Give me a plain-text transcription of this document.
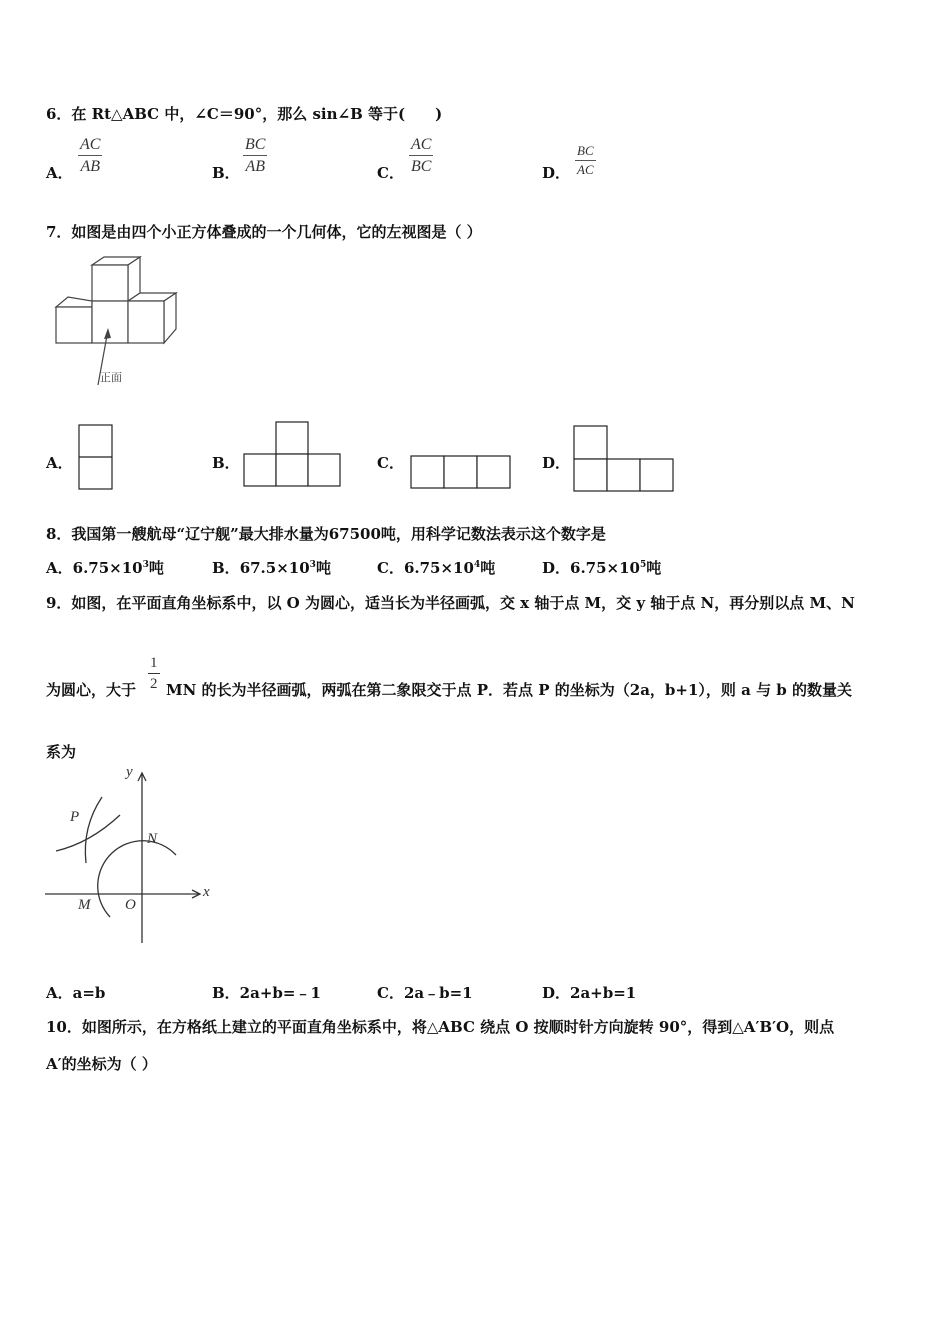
6．在 Rt△ABC 中，∠C＝90°，那么 sin∠B 等于(　　)
A． $\frac{AC}{AB}$	B． $\frac{BC}{AB}$	C． $\frac{AC}{BC}$	D． $\frac{BC}{AC}$
7．如图是由四个小正方体叠成的一个几何体，它的左视图是（ ）
正面
A．	B．	C．	D．
8．我国第一艘航母“辽宁舰”最大排水量为67500吨，用科学记数法表示这个数字是
A．$6.75\times 10^3$吨	B．$67.5\times 10^3$吨	C．$6.75\times 10^4$吨	D．$6.75\times 10^5$吨
9．如图，在平面直角坐标系中，以 O 为圆心，适当长为半径画弧，交 x 轴于点 M，交 y 轴于点 N，再分别以点 M、N
为圆心，大于 $\frac{1}{2}$ MN 的长为半径画弧，两弧在第二象限交于点 P．若点 P 的坐标为（2a，b+1），则 a 与 b 的数量关
系为
y
x
P
N
M O
A．a=b	B．2a+b=﹣1	C．2a﹣b=1	D．2a+b=1
10．如图所示，在方格纸上建立的平面直角坐标系中，将△ABC 绕点 O 按顺时针方向旋转 90°，得到△A′B′O，则点
A′的坐标为（ ）
